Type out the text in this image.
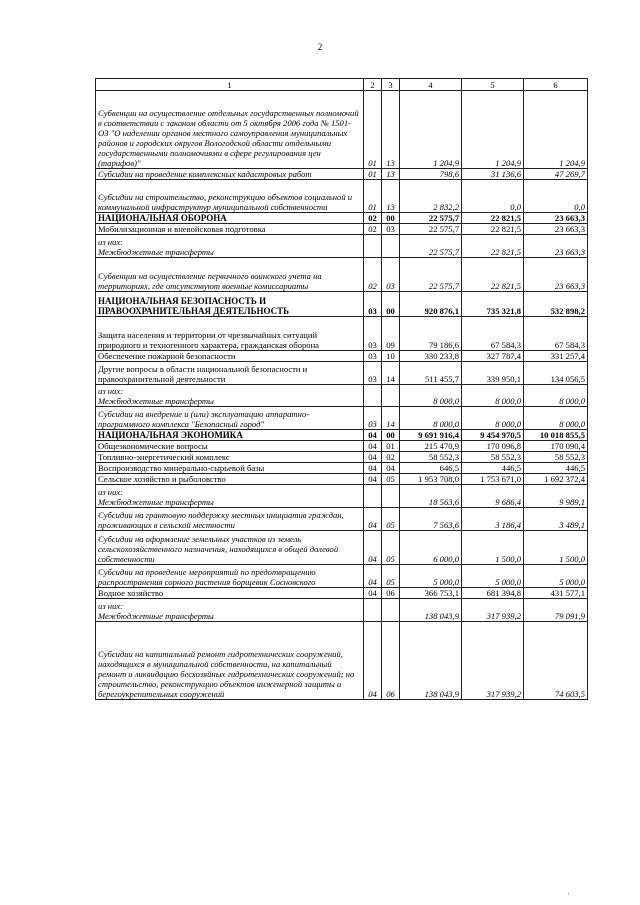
2
1	2	3	4	5	6
Субвенции на осуществление отдельных государственных полномочий в соответствии с законом области от 5 октября 2006 года № 1501-ОЗ "О наделении органов местного самоуправления муниципальных районов и городских округов Вологодской области отдельными государственными полномочиями в сфере регулирования цен (тарифов)"	01	13	1 204,9	1 204,9	1 204,9
Субсидии на проведение комплексных кадастровых работ	01	13	798,6	31 136,6	47 269,7
Субсидии на строительство, реконструкцию объектов социальной и коммунальной инфраструктур муниципальной собственности	01	13	2 832,2	0,0	0,0
НАЦИОНАЛЬНАЯ ОБОРОНА	02	00	22 575,7	22 821,5	23 663,3
Мобилизационная и вневойсковая подготовка	02	03	22 575,7	22 821,5	23 663,3
из них:
Межбюджетные трансферты			22 575,7	22 821,5	23 663,3
Субвенции на осуществление первичного воинского учета на территориях, где отсутствуют военные комиссариаты	02	03	22 575,7	22 821,5	23 663,3
НАЦИОНАЛЬНАЯ БЕЗОПАСНОСТЬ И ПРАВООХРАНИТЕЛЬНАЯ ДЕЯТЕЛЬНОСТЬ	03	00	920 876,1	735 321,8	532 898,2
Защита населения и территории от чрезвычайных ситуаций природного и техногенного характера, гражданская оборона	03	09	79 186,6	67 584,3	67 584,3
Обеспечение пожарной безопасности	03	10	330 233,8	327 787,4	331 257,4
Другие вопросы в области национальной безопасности и правоохранительной деятельности	03	14	511 455,7	339 950,1	134 056,5
из них:
Межбюджетные трансферты			8 000,0	8 000,0	8 000,0
Субсидии на внедрение и (или) эксплуатацию аппаратно-программного комплекса "Безопасный город"	03	14	8 000,0	8 000,0	8 000,0
НАЦИОНАЛЬНАЯ ЭКОНОМИКА	04	00	9 691 916,4	9 454 970,5	10 018 855,5
Общеэкономические вопросы	04	01	215 470,9	170 096,8	170 090,4
Топливно-энергетический комплекс	04	02	58 552,3	58 552,3	58 552,3
Воспроизводство минерально-сырьевой базы	04	04	646,5	446,5	446,5
Сельское хозяйство и рыболовство	04	05	1 953 708,0	1 753 671,0	1 692 372,4
из них:
Межбюджетные трансферты			18 563,6	9 686,4	9 989,1
Субсидии на грантовую поддержку местных инициатив граждан, проживающих в сельской местности	04	05	7 563,6	3 186,4	3 489,1
Субсидии на оформление земельных участков из земель сельскохозяйственного назначения, находящихся в общей долевой собственности	04	05	6 000,0	1 500,0	1 500,0
Субсидии на проведение мероприятий по предотвращению распространения сорного растения борщевик Сосновского	04	05	5 000,0	5 000,0	5 000,0
Водное хозяйство	04	06	366 753,1	681 394,8	431 577,1
из них:
Межбюджетные трансферты			138 043,9	317 939,2	79 091,9
Субсидии на капитальный ремонт гидротехнических сооружений, находящихся в муниципальной собственности, на капитальный ремонт и ликвидацию бесхозяйных гидротехнических сооружений; на строительство, реконструкцию объектов инженерной защиты и берегоукрепительных сооружений	04	06	138 043,9	317 939,2	74 603,5
'
